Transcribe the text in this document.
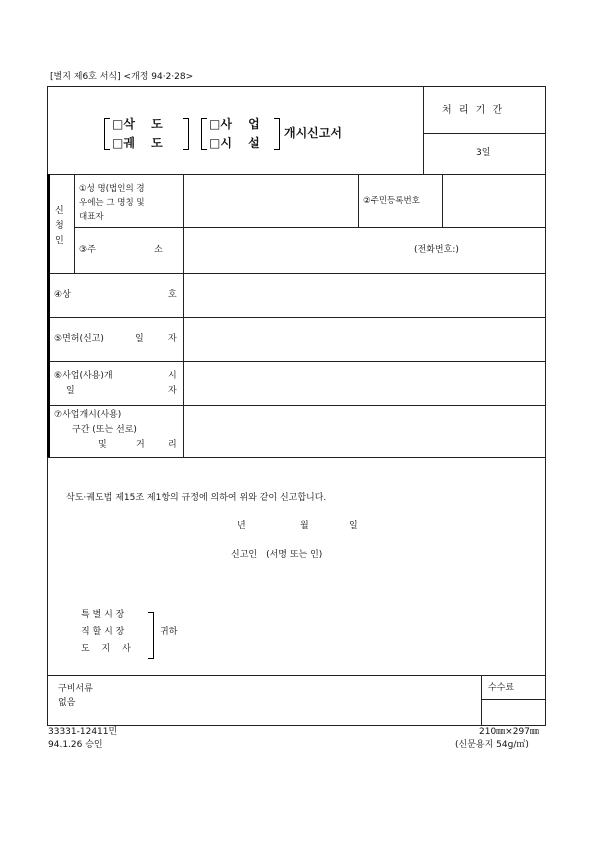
[별지 제6호 서식] <개정 94·2·28>
처 리 기 간
3일
□삭　 도
□궤　 도
□사　 업
□시　 설
개시신고서
신
청
인
①성 명(법인의 경
우에는 그 명칭 및
대표자
②주민등록번호
③주	소	(전화번호:)
④상	호
⑤면허(신고)	일	자
⑥사업(사용)개	시
일	자
⑦사업개시(사용)
구간 (또는 선로)
및	거	리
삭도·궤도법 제15조 제1항의 규정에 의하여 위와 같이 신고합니다.
년	월	일
신고인　(서명 또는 인)
특 별 시 장
직 할 시 장
도　 지　 사
귀하
구비서류
없음
수수료
33331-12411민
94.1.26 승인
210㎜×297㎜
(신문용지 54g/㎡)
